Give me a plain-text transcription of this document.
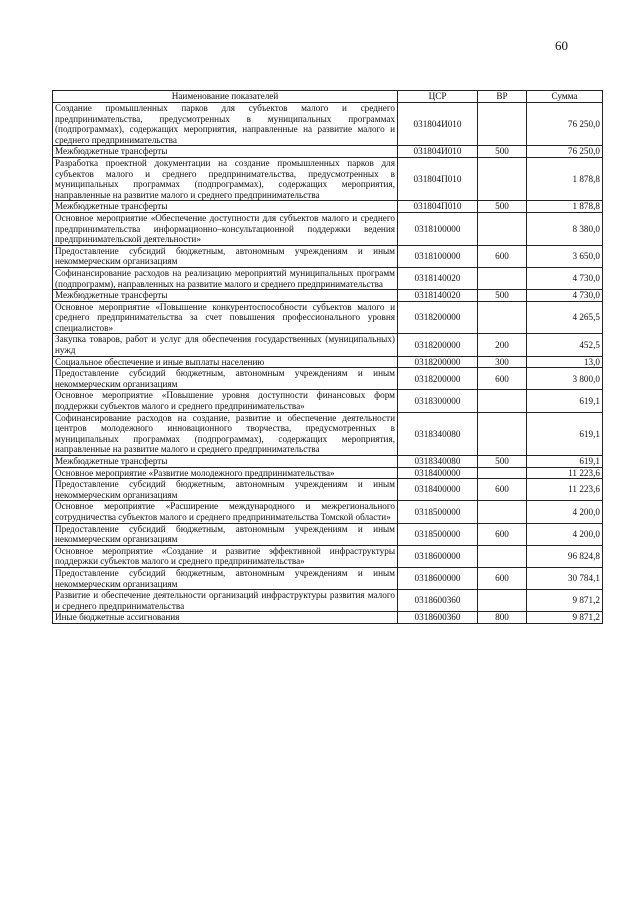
60
Наименование показателей	ЦСР	ВР	Сумма
Создание промышленных парков для субъектов малого и среднего предпринимательства, предусмотренных в муниципальных программах (подпрограммах), содержащих мероприятия, направленные на развитие малого и среднего предпринимательства	031804И010		76 250,0
Межбюджетные трансферты	031804И010	500	76 250,0
Разработка проектной документации на создание промышленных парков для субъектов малого и среднего предпринимательства, предусмотренных в муниципальных программах (подпрограммах), содержащих мероприятия, направленные на развитие малого и среднего предпринимательства	031804П010		1 878,8
Межбюджетные трансферты	031804П010	500	1 878,8
Основное мероприятие «Обеспечение доступности для субъектов малого и среднего предпринимательства информационно–консультационной поддержки ведения предпринимательской деятельности»	0318100000		8 380,0
Предоставление субсидий бюджетным, автономным учреждениям и иным некоммерческим организациям	0318100000	600	3 650,0
Софинансирование расходов на реализацию мероприятий муниципальных программ (подпрограмм), направленных на развитие малого и среднего предпринимательства	0318140020		4 730,0
Межбюджетные трансферты	0318140020	500	4 730,0
Основное мероприятие «Повышение конкурентоспособности субъектов малого и среднего предпринимательства за счет повышения профессионального уровня специалистов»	0318200000		4 265,5
Закупка товаров, работ и услуг для обеспечения государственных (муниципальных) нужд	0318200000	200	452,5
Социальное обеспечение и иные выплаты населению	0318200000	300	13,0
Предоставление субсидий бюджетным, автономным учреждениям и иным некоммерческим организациям	0318200000	600	3 800,0
Основное мероприятие «Повышение уровня доступности финансовых форм поддержки субъектов малого и среднего предпринимательства»	0318300000		619,1
Софинансирование расходов на создание, развитие и обеспечение деятельности центров молодежного инновационного творчества, предусмотренных в муниципальных программах (подпрограммах), содержащих мероприятия, направленные на развитие малого и среднего предпринимательства	0318340080		619,1
Межбюджетные трансферты	0318340080	500	619,1
Основное мероприятие «Развитие молодежного предпринимательства»	0318400000		11 223,6
Предоставление субсидий бюджетным, автономным учреждениям и иным некоммерческим организациям	0318400000	600	11 223,6
Основное мероприятие «Расширение международного и межрегионального сотрудничества субъектов малого и среднего предпринимательства Томской области»	0318500000		4 200,0
Предоставление субсидий бюджетным, автономным учреждениям и иным некоммерческим организациям	0318500000	600	4 200,0
Основное мероприятие «Создание и развитие эффективной инфраструктуры поддержки субъектов малого и среднего предпринимательства»	0318600000		96 824,8
Предоставление субсидий бюджетным, автономным учреждениям и иным некоммерческим организациям	0318600000	600	30 784,1
Развитие и обеспечение деятельности организаций инфраструктуры развития малого и среднего предпринимательства	0318600360		9 871,2
Иные бюджетные ассигнования	0318600360	800	9 871,2
